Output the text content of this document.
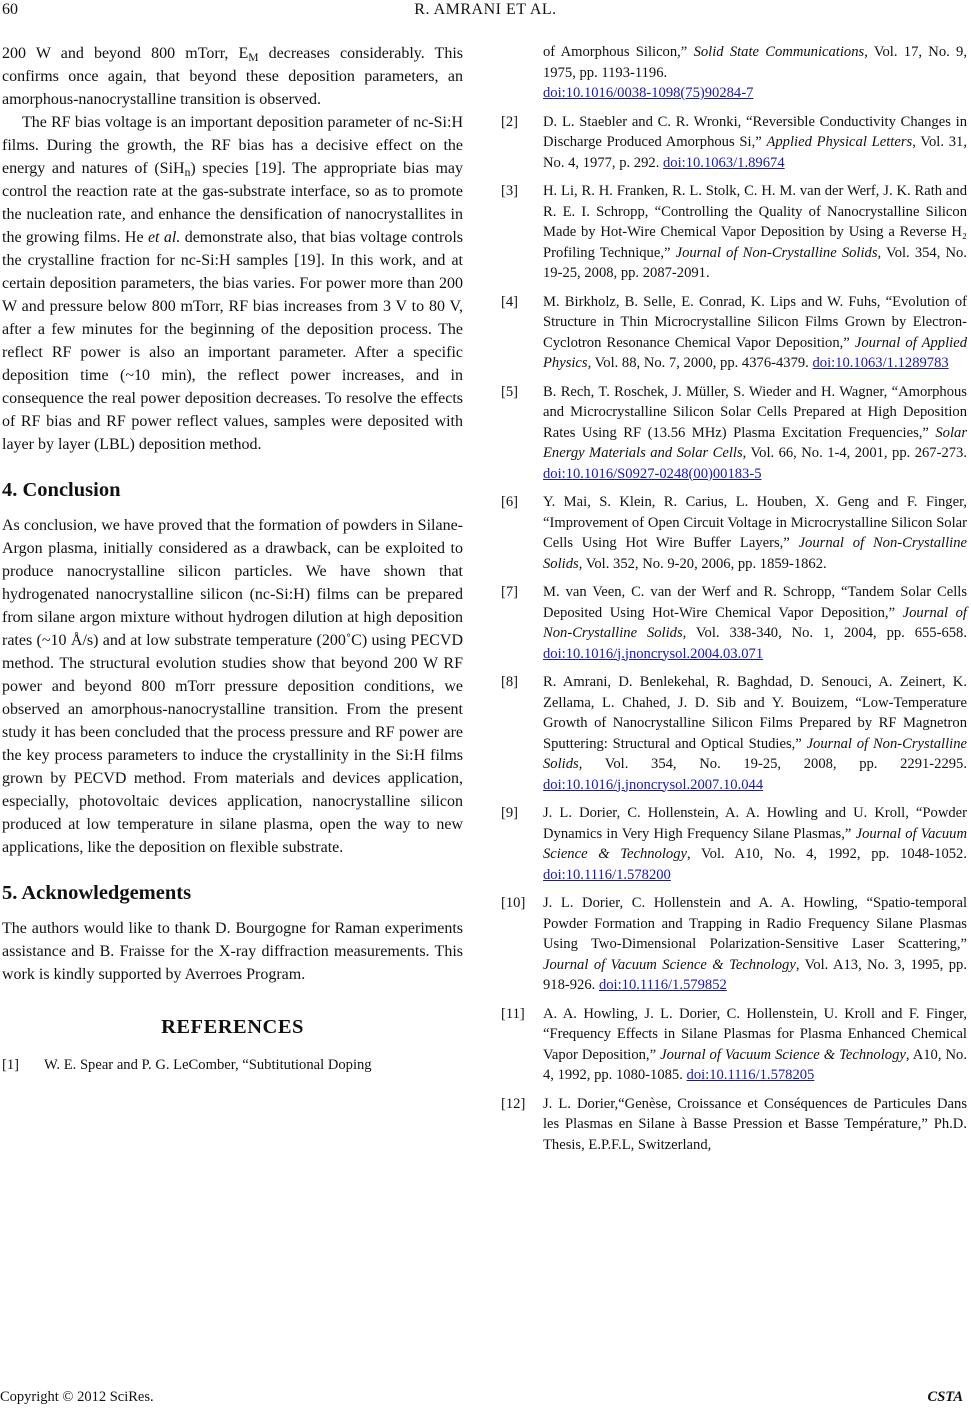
60	R. AMRANI ET AL.

200 W and beyond 800 mTorr, $E_M$ decreases considerably. This confirms once again, that beyond these deposition parameters, an amorphous-nanocrystalline transition is observed.

The RF bias voltage is an important deposition parameter of nc-Si:H films. During the growth, the RF bias has a decisive effect on the energy and natures of (SiH$_n$) species [19]. The appropriate bias may control the reaction rate at the gas-substrate interface, so as to promote the nucleation rate, and enhance the densification of nanocrystallites in the growing films. He et al. demonstrate also, that bias voltage controls the crystalline fraction for nc-Si:H samples [19]. In this work, and at certain deposition parameters, the bias varies. For power more than 200 W and pressure below 800 mTorr, RF bias increases from 3 V to 80 V, after a few minutes for the beginning of the deposition process. The reflect RF power is also an important parameter. After a specific deposition time (~10 min), the reflect power increases, and in consequence the real power deposition decreases. To resolve the effects of RF bias and RF power reflect values, samples were deposited with layer by layer (LBL) deposition method.

4. Conclusion

As conclusion, we have proved that the formation of powders in Silane-Argon plasma, initially considered as a drawback, can be exploited to produce nanocrystalline silicon particles. We have shown that hydrogenated nanocrystalline silicon (nc-Si:H) films can be prepared from silane argon mixture without hydrogen dilution at high deposition rates (~10 Å/s) and at low substrate temperature (200˚C) using PECVD method. The structural evolution studies show that beyond 200 W RF power and beyond 800 mTorr pressure deposition conditions, we observed an amorphous-nanocrystalline transition. From the present study it has been concluded that the process pressure and RF power are the key process parameters to induce the crystallinity in the Si:H films grown by PECVD method. From materials and devices application, especially, photovoltaic devices application, nanocrystalline silicon produced at low temperature in silane plasma, open the way to new applications, like the deposition on flexible substrate.

5. Acknowledgements

The authors would like to thank D. Bourgogne for Raman experiments assistance and B. Fraisse for the X-ray diffraction measurements. This work is kindly supported by Averroes Program.

REFERENCES
[1]	W. E. Spear and P. G. LeComber, “Subtitutional Doping
of Amorphous Silicon,” Solid State Communications, Vol. 17, No. 9, 1975, pp. 1193-1196.
doi:10.1016/0038-1098(75)90284-7
[2]	D. L. Staebler and C. R. Wronki, “Reversible Conductivity Changes in Discharge Produced Amorphous Si,” Applied Physical Letters, Vol. 31, No. 4, 1977, p. 292. doi:10.1063/1.89674
[3]	H. Li, R. H. Franken, R. L. Stolk, C. H. M. van der Werf, J. K. Rath and R. E. I. Schropp, “Controlling the Quality of Nanocrystalline Silicon Made by Hot-Wire Chemical Vapor Deposition by Using a Reverse H₂ Profiling Technique,” Journal of Non-Crystalline Solids, Vol. 354, No. 19-25, 2008, pp. 2087-2091.
[4]	M. Birkholz, B. Selle, E. Conrad, K. Lips and W. Fuhs, “Evolution of Structure in Thin Microcrystalline Silicon Films Grown by Electron-Cyclotron Resonance Chemical Vapor Deposition,” Journal of Applied Physics, Vol. 88, No. 7, 2000, pp. 4376-4379. doi:10.1063/1.1289783
[5]	B. Rech, T. Roschek, J. Müller, S. Wieder and H. Wagner, “Amorphous and Microcrystalline Silicon Solar Cells Prepared at High Deposition Rates Using RF (13.56 MHz) Plasma Excitation Frequencies,” Solar Energy Materials and Solar Cells, Vol. 66, No. 1-4, 2001, pp. 267-273. doi:10.1016/S0927-0248(00)00183-5
[6]	Y. Mai, S. Klein, R. Carius, L. Houben, X. Geng and F. Finger, “Improvement of Open Circuit Voltage in Microcrystalline Silicon Solar Cells Using Hot Wire Buffer Layers,” Journal of Non-Crystalline Solids, Vol. 352, No. 9-20, 2006, pp. 1859-1862.
[7]	M. van Veen, C. van der Werf and R. Schropp, “Tandem Solar Cells Deposited Using Hot-Wire Chemical Vapor Deposition,” Journal of Non-Crystalline Solids, Vol. 338-340, No. 1, 2004, pp. 655-658. doi:10.1016/j.jnoncrysol.2004.03.071
[8]	R. Amrani, D. Benlekehal, R. Baghdad, D. Senouci, A. Zeinert, K. Zellama, L. Chahed, J. D. Sib and Y. Bouizem, “Low-Temperature Growth of Nanocrystalline Silicon Films Prepared by RF Magnetron Sputtering: Structural and Optical Studies,” Journal of Non-Crystalline Solids, Vol. 354, No. 19-25, 2008, pp. 2291-2295. doi:10.1016/j.jnoncrysol.2007.10.044
[9]	J. L. Dorier, C. Hollenstein, A. A. Howling and U. Kroll, “Powder Dynamics in Very High Frequency Silane Plasmas,” Journal of Vacuum Science & Technology, Vol. A10, No. 4, 1992, pp. 1048-1052. doi:10.1116/1.578200
[10]	J. L. Dorier, C. Hollenstein and A. A. Howling, “Spatio-temporal Powder Formation and Trapping in Radio Frequency Silane Plasmas Using Two-Dimensional Polarization-Sensitive Laser Scattering,” Journal of Vacuum Science & Technology, Vol. A13, No. 3, 1995, pp. 918-926. doi:10.1116/1.579852
[11]	A. A. Howling, J. L. Dorier, C. Hollenstein, U. Kroll and F. Finger, “Frequency Effects in Silane Plasmas for Plasma Enhanced Chemical Vapor Deposition,” Journal of Vacuum Science & Technology, A10, No. 4, 1992, pp. 1080-1085. doi:10.1116/1.578205
[12]	J. L. Dorier,“Genèse, Croissance et Conséquences de Particules Dans les Plasmas en Silane à Basse Pression et Basse Température,” Ph.D. Thesis, E.P.F.L, Switzerland,
Copyright © 2012 SciRes.	CSTA
